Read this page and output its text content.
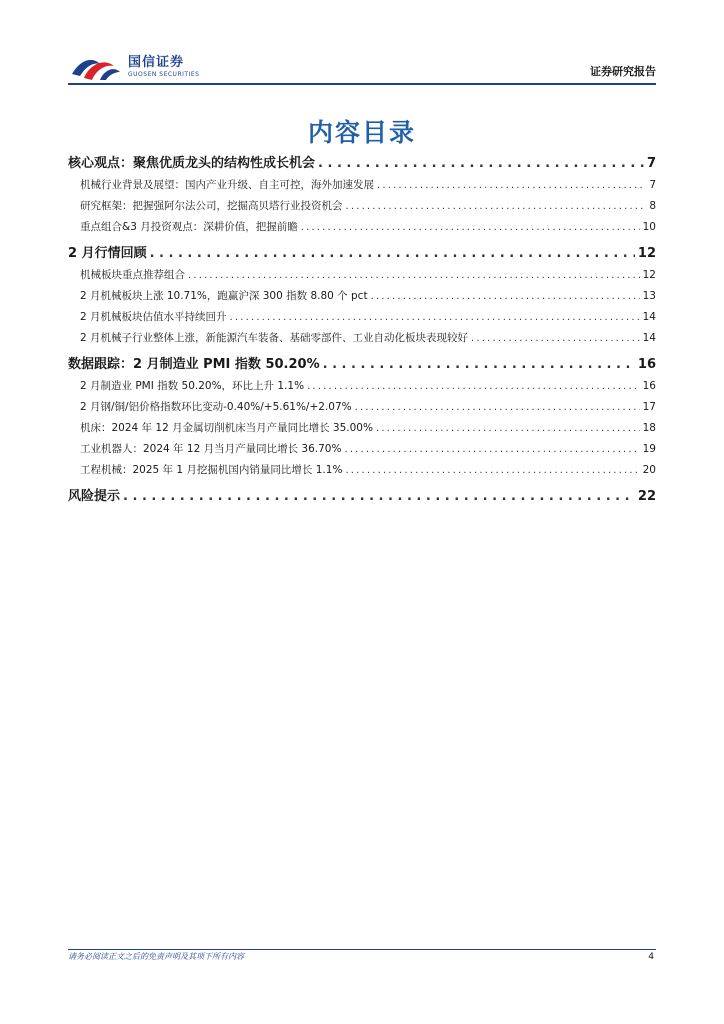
国信证券
GUOSEN SECURITIES	证券研究报告
内容目录
核心观点：聚焦优质龙头的结构性成长机会 . . .	7
机械行业背景及展望：国内产业升级、自主可控，海外加速发展 . . .	7
研究框架：把握强阿尔法公司，挖掘高贝塔行业投资机会 . . .	8
重点组合&3 月投资观点：深耕价值，把握前瞻 . . .	10
2 月行情回顾 . . .	12
机械板块重点推荐组合 . . .	12
2 月机械板块上涨 10.71%，跑赢沪深 300 指数 8.80 个 pct . . .	13
2 月机械板块估值水平持续回升 . . .	14
2 月机械子行业整体上涨，新能源汽车装备、基础零部件、工业自动化板块表现较好 . . .	14
数据跟踪：2 月制造业 PMI 指数 50.20% . . .	16
2 月制造业 PMI 指数 50.20%，环比上升 1.1% . . .	16
2 月钢/铜/铝价格指数环比变动-0.40%/+5.61%/+2.07% . . .	17
机床：2024 年 12 月金属切削机床当月产量同比增长 35.00% . . .	18
工业机器人：2024 年 12 月当月产量同比增长 36.70% . . .	19
工程机械：2025 年 1 月挖掘机国内销量同比增长 1.1% . . .	20
风险提示 . . .	22
请务必阅读正文之后的免责声明及其项下所有内容	4
